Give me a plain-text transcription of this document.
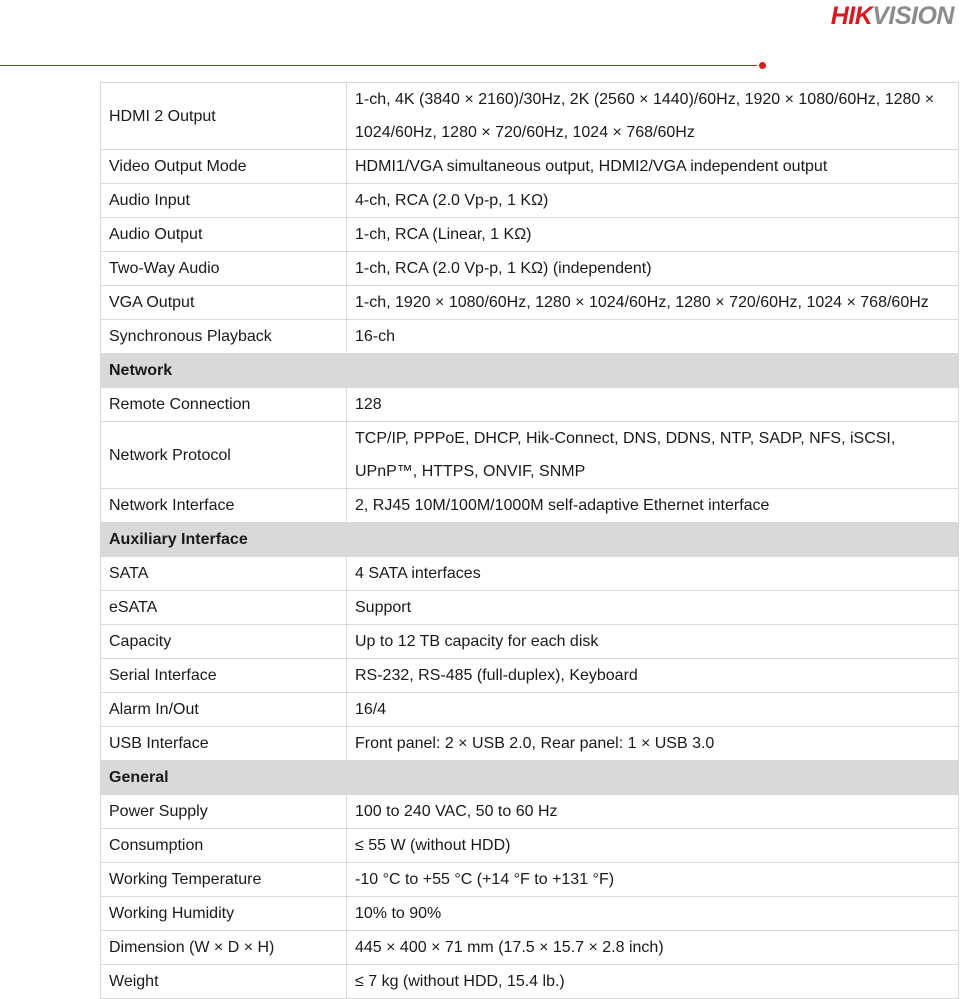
HIKVISION
HDMI 2 Output	1-ch, 4K (3840 × 2160)/30Hz, 2K (2560 × 1440)/60Hz, 1920 × 1080/60Hz, 1280 × 1024/60Hz, 1280 × 720/60Hz, 1024 × 768/60Hz
Video Output Mode	HDMI1/VGA simultaneous output, HDMI2/VGA independent output
Audio Input	4-ch, RCA (2.0 Vp-p, 1 KΩ)
Audio Output	1-ch, RCA (Linear, 1 KΩ)
Two-Way Audio	1-ch, RCA (2.0 Vp-p, 1 KΩ) (independent)
VGA Output	1-ch, 1920 × 1080/60Hz, 1280 × 1024/60Hz, 1280 × 720/60Hz, 1024 × 768/60Hz
Synchronous Playback	16-ch
Network	
Remote Connection	128
Network Protocol	TCP/IP, PPPoE, DHCP, Hik-Connect, DNS, DDNS, NTP, SADP, NFS, iSCSI, UPnP™, HTTPS, ONVIF, SNMP
Network Interface	2, RJ45 10M/100M/1000M self-adaptive Ethernet interface
Auxiliary Interface	
SATA	4 SATA interfaces
eSATA	Support
Capacity	Up to 12 TB capacity for each disk
Serial Interface	RS-232, RS-485 (full-duplex), Keyboard
Alarm In/Out	16/4
USB Interface	Front panel: 2 × USB 2.0, Rear panel: 1 × USB 3.0
General	
Power Supply	100 to 240 VAC, 50 to 60 Hz
Consumption	≤ 55 W (without HDD)
Working Temperature	-10 °C to +55 °C (+14 °F to +131 °F)
Working Humidity	10% to 90%
Dimension (W × D × H)	445 × 400 × 71 mm (17.5 × 15.7 × 2.8 inch)
Weight	≤ 7 kg (without HDD, 15.4 lb.)
